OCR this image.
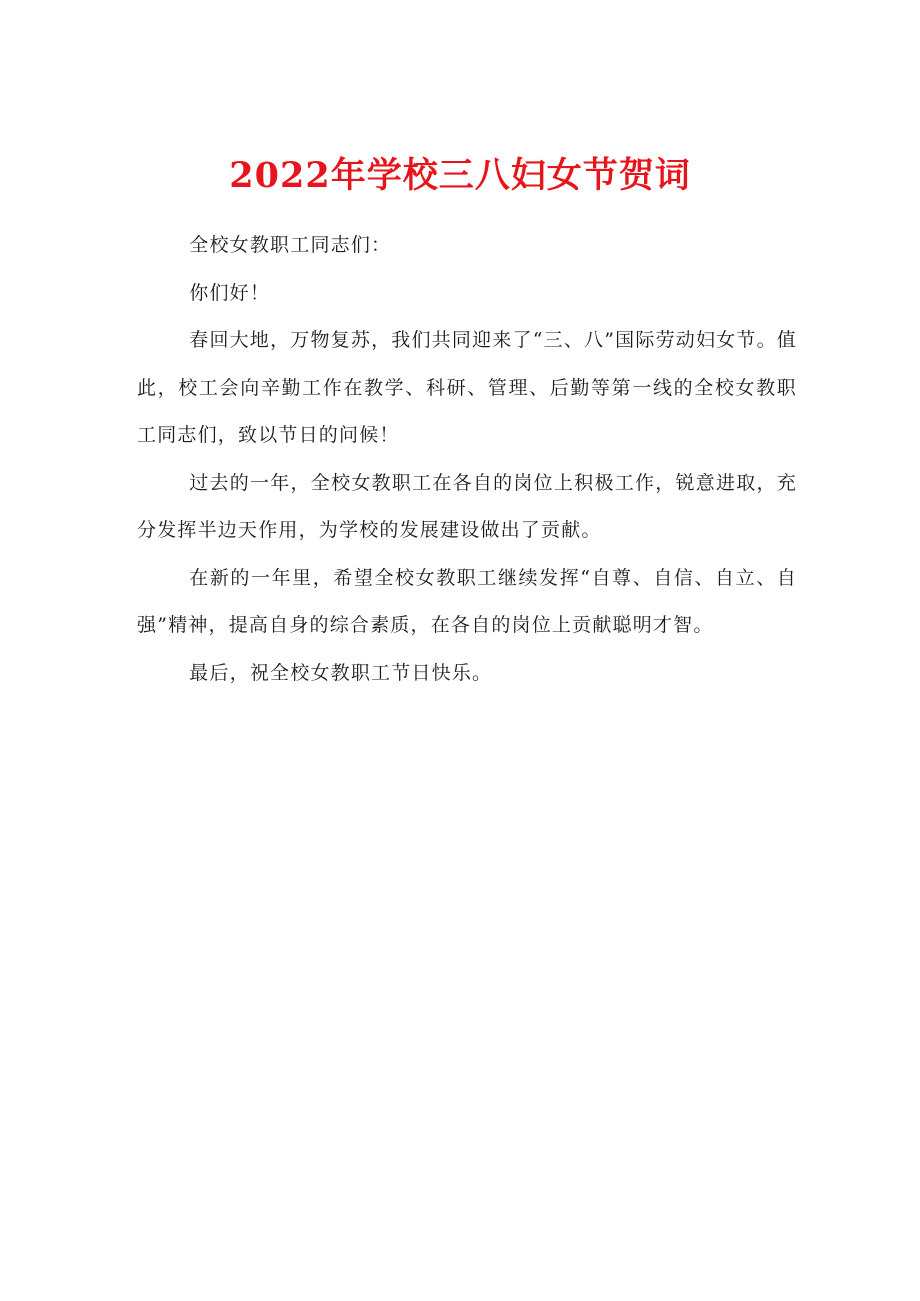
2022年学校三八妇女节贺词

全校女教职工同志们：

你们好！

春回大地，万物复苏，我们共同迎来了“三、八”国际劳动妇女节。值此，校工会向辛勤工作在教学、科研、管理、后勤等第一线的全校女教职工同志们，致以节日的问候！

过去的一年，全校女教职工在各自的岗位上积极工作，锐意进取，充分发挥半边天作用，为学校的发展建设做出了贡献。

在新的一年里，希望全校女教职工继续发挥“自尊、自信、自立、自强”精神，提高自身的综合素质，在各自的岗位上贡献聪明才智。

最后，祝全校女教职工节日快乐。
